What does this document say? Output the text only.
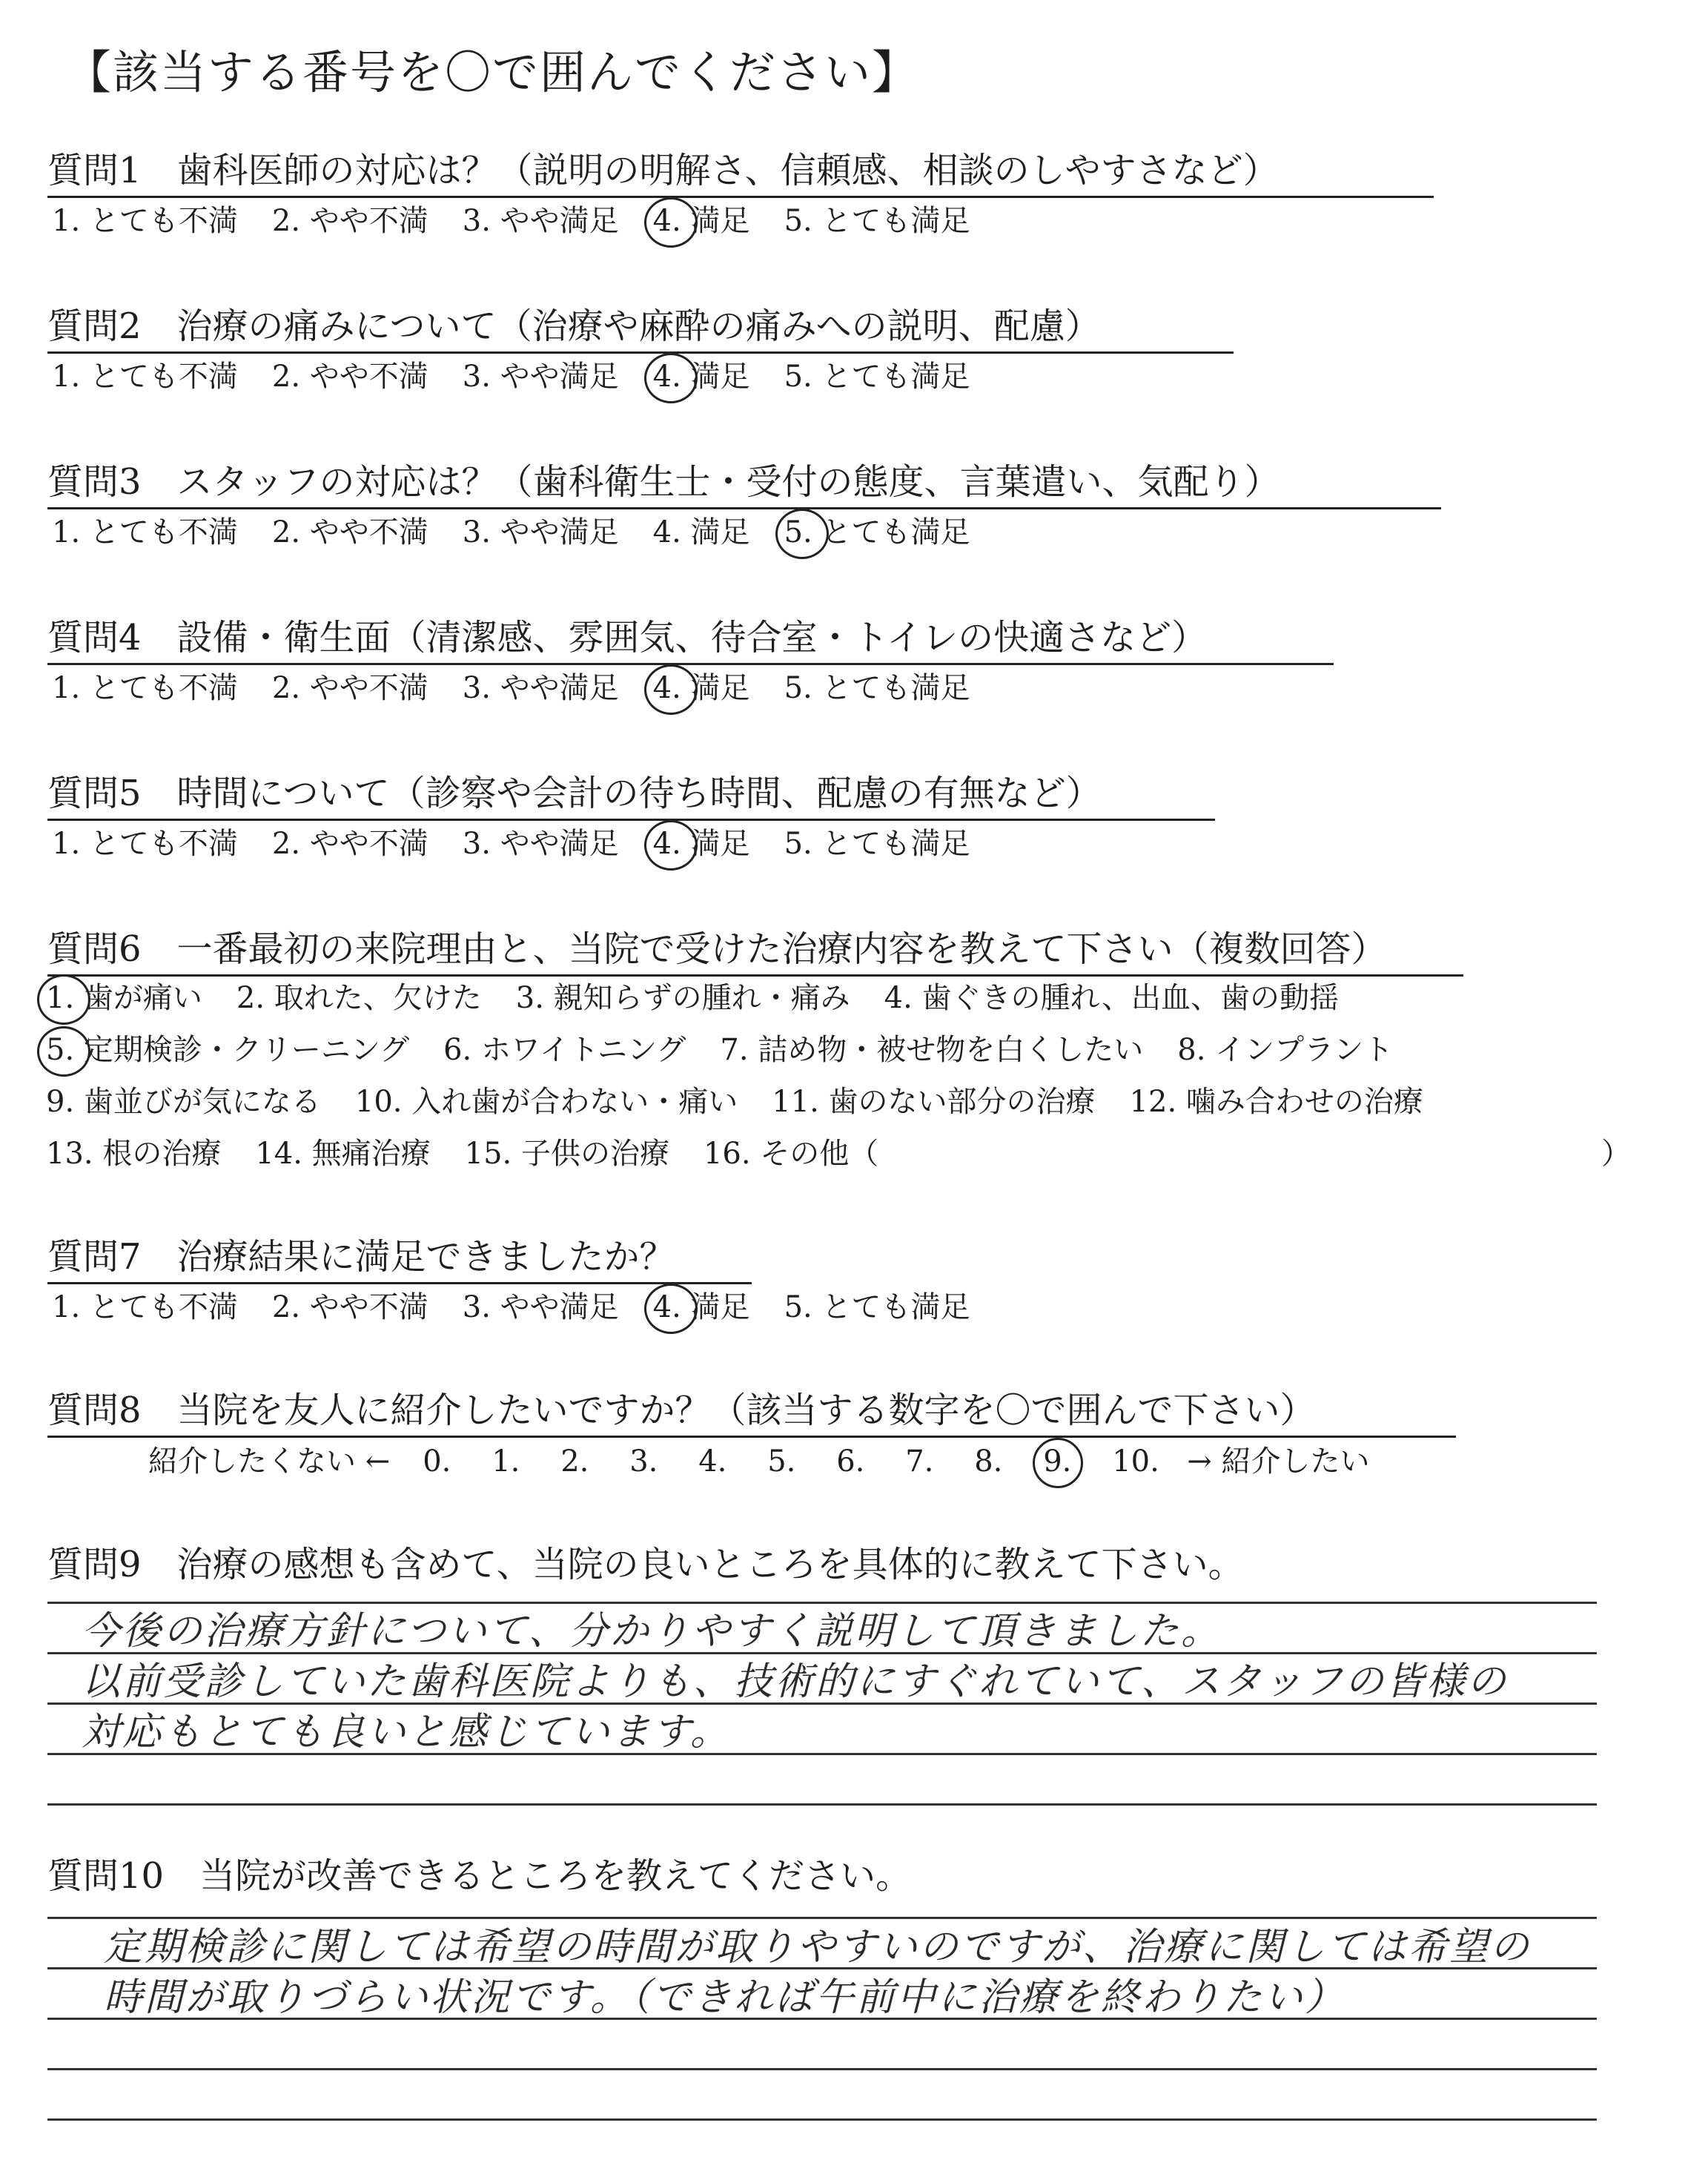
【該当する番号を〇で囲んでください】
質問1　歯科医師の対応は？（説明の明解さ、信頼感、相談のしやすさなど）
1. とても不満 2. やや不満 3. やや満足 4. 満足 5. とても満足
質問2　治療の痛みについて（治療や麻酔の痛みへの説明、配慮）
1. とても不満 2. やや不満 3. やや満足 4. 満足 5. とても満足
質問3　スタッフの対応は？（歯科衛生士・受付の態度、言葉遣い、気配り）
1. とても不満 2. やや不満 3. やや満足 4. 満足 5. とても満足
質問4　設備・衛生面（清潔感、雰囲気、待合室・トイレの快適さなど）
1. とても不満 2. やや不満 3. やや満足 4. 満足 5. とても満足
質問5　時間について（診察や会計の待ち時間、配慮の有無など）
1. とても不満 2. やや不満 3. やや満足 4. 満足 5. とても満足
質問6　一番最初の来院理由と、当院で受けた治療内容を教えて下さい（複数回答）
1. 歯が痛い 2. 取れた、欠けた 3. 親知らずの腫れ・痛み 4. 歯ぐきの腫れ、出血、歯の動揺
5. 定期検診・クリーニング 6. ホワイトニング 7. 詰め物・被せ物を白くしたい 8. インプラント
9. 歯並びが気になる 10. 入れ歯が合わない・痛い 11. 歯のない部分の治療 12. 噛み合わせの治療
13. 根の治療 14. 無痛治療 15. 子供の治療 16. その他（	）
質問7　治療結果に満足できましたか？
1. とても不満 2. やや不満 3. やや満足 4. 満足 5. とても満足
質問8　当院を友人に紹介したいですか？（該当する数字を〇で囲んで下さい）
紹介したくない ← 0. 1. 2. 3. 4. 5. 6. 7. 8. 9. 10. → 紹介したい
質問9　治療の感想も含めて、当院の良いところを具体的に教えて下さい。
今後の治療方針について、分かりやすく説明して頂きました。
以前受診していた歯科医院よりも、技術的にすぐれていて、スタッフの皆様の
対応もとても良いと感じています。
質問10　当院が改善できるところを教えてください。
定期検診に関しては希望の時間が取りやすいのですが、治療に関しては希望の
時間が取りづらい状況です。（できれば午前中に治療を終わりたい）
